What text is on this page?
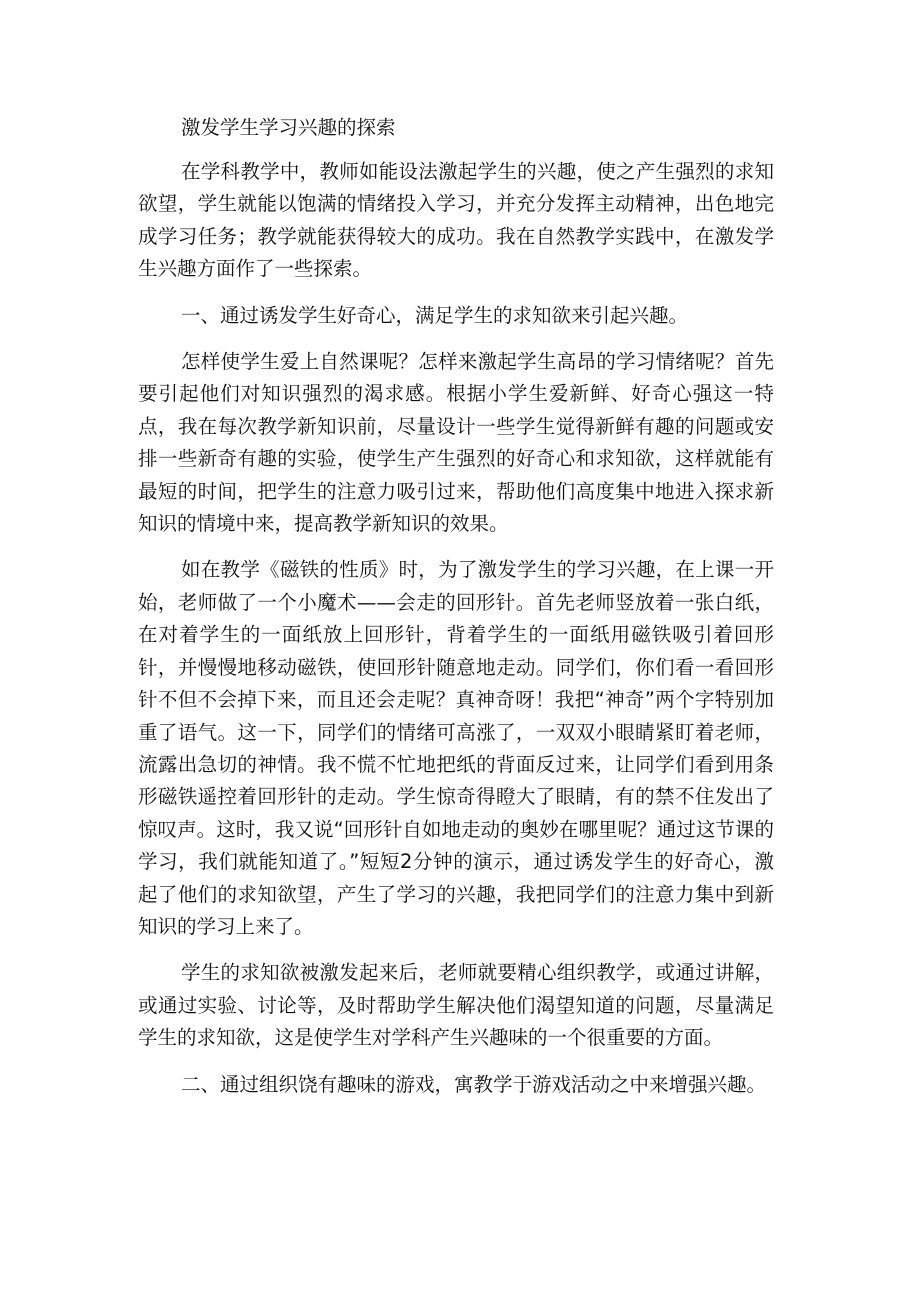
激发学生学习兴趣的探索

在学科教学中，教师如能设法激起学生的兴趣，使之产生强烈的求知欲望，学生就能以饱满的情绪投入学习，并充分发挥主动精神，出色地完成学习任务；教学就能获得较大的成功。我在自然教学实践中，在激发学生兴趣方面作了一些探索。

一、通过诱发学生好奇心，满足学生的求知欲来引起兴趣。

怎样使学生爱上自然课呢？怎样来激起学生高昂的学习情绪呢？首先要引起他们对知识强烈的渴求感。根据小学生爱新鲜、好奇心强这一特点，我在每次教学新知识前，尽量设计一些学生觉得新鲜有趣的问题或安排一些新奇有趣的实验，使学生产生强烈的好奇心和求知欲，这样就能有最短的时间，把学生的注意力吸引过来，帮助他们高度集中地进入探求新知识的情境中来，提高教学新知识的效果。

如在教学《磁铁的性质》时，为了激发学生的学习兴趣，在上课一开始，老师做了一个小魔术——会走的回形针。首先老师竖放着一张白纸，在对着学生的一面纸放上回形针，背着学生的一面纸用磁铁吸引着回形针，并慢慢地移动磁铁，使回形针随意地走动。同学们，你们看一看回形针不但不会掉下来，而且还会走呢？真神奇呀！我把“神奇”两个字特别加重了语气。这一下，同学们的情绪可高涨了，一双双小眼睛紧盯着老师，流露出急切的神情。我不慌不忙地把纸的背面反过来，让同学们看到用条形磁铁遥控着回形针的走动。学生惊奇得瞪大了眼睛，有的禁不住发出了惊叹声。这时，我又说“回形针自如地走动的奥妙在哪里呢？通过这节课的学习，我们就能知道了。”短短2分钟的演示，通过诱发学生的好奇心，激起了他们的求知欲望，产生了学习的兴趣，我把同学们的注意力集中到新知识的学习上来了。

学生的求知欲被激发起来后，老师就要精心组织教学，或通过讲解，或通过实验、讨论等，及时帮助学生解决他们渴望知道的问题，尽量满足学生的求知欲，这是使学生对学科产生兴趣味的一个很重要的方面。

二、通过组织饶有趣味的游戏，寓教学于游戏活动之中来增强兴趣。
